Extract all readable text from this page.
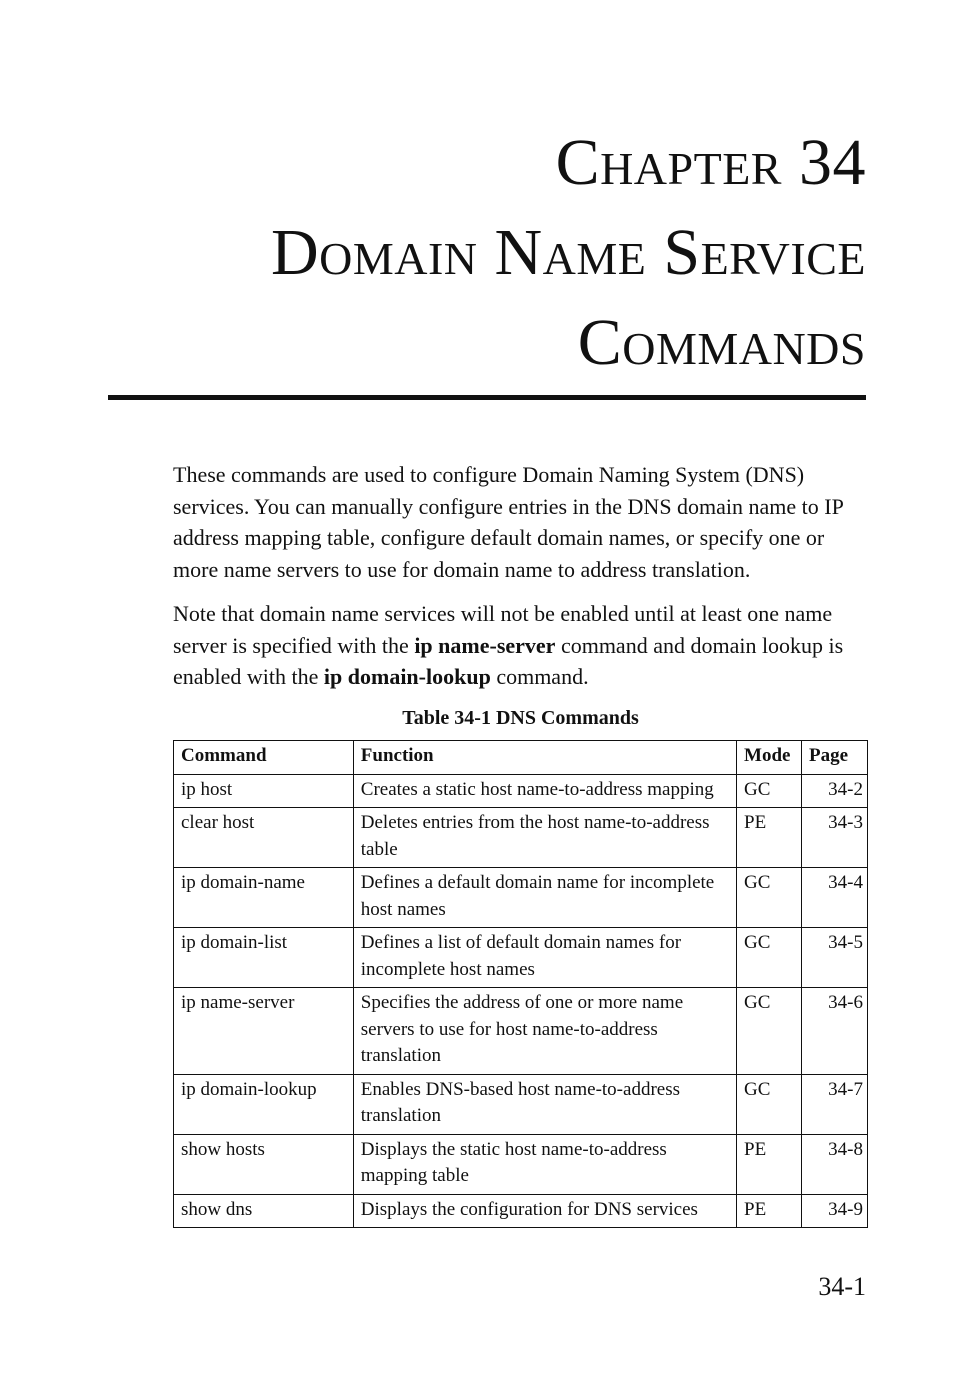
Chapter 34
Domain Name Service
Commands

These commands are used to configure Domain Naming System (DNS) services. You can manually configure entries in the DNS domain name to IP address mapping table, configure default domain names, or specify one or more name servers to use for domain name to address translation.

Note that domain name services will not be enabled until at least one name server is specified with the ip name-server command and domain lookup is enabled with the ip domain-lookup command.

Table 34-1 DNS Commands
Command	Function	Mode	Page
ip host	Creates a static host name-to-address mapping	GC	34-2
clear host	Deletes entries from the host name-to-address table	PE	34-3
ip domain-name	Defines a default domain name for incomplete host names	GC	34-4
ip domain-list	Defines a list of default domain names for incomplete host names	GC	34-5
ip name-server	Specifies the address of one or more name servers to use for host name-to-address translation	GC	34-6
ip domain-lookup	Enables DNS-based host name-to-address translation	GC	34-7
show hosts	Displays the static host name-to-address mapping table	PE	34-8
show dns	Displays the configuration for DNS services	PE	34-9
34-1
